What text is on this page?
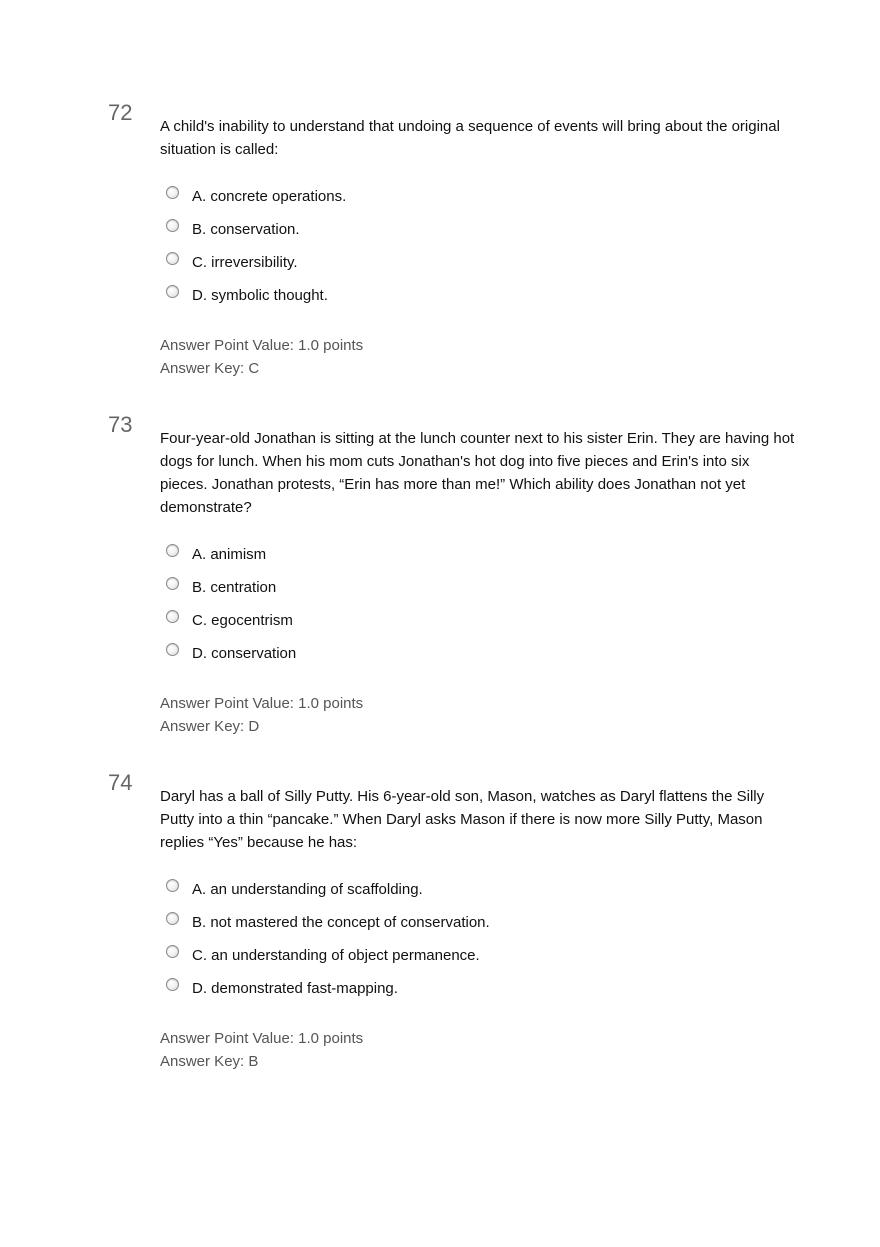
72

A child's inability to understand that undoing a sequence of events will bring about the original situation is called:

A. concrete operations.
B. conservation.
C. irreversibility.
D. symbolic thought.
Answer Point Value: 1.0 points
Answer Key: C
73

Four-year-old Jonathan is sitting at the lunch counter next to his sister Erin. They are having hot dogs for lunch. When his mom cuts Jonathan's hot dog into five pieces and Erin's into six pieces. Jonathan protests, “Erin has more than me!” Which ability does Jonathan not yet demonstrate?

A. animism
B. centration
C. egocentrism
D. conservation
Answer Point Value: 1.0 points
Answer Key: D
74

Daryl has a ball of Silly Putty. His 6-year-old son, Mason, watches as Daryl flattens the Silly Putty into a thin “pancake.” When Daryl asks Mason if there is now more Silly Putty, Mason replies “Yes” because he has:

A. an understanding of scaffolding.
B. not mastered the concept of conservation.
C. an understanding of object permanence.
D. demonstrated fast-mapping.
Answer Point Value: 1.0 points
Answer Key: B
